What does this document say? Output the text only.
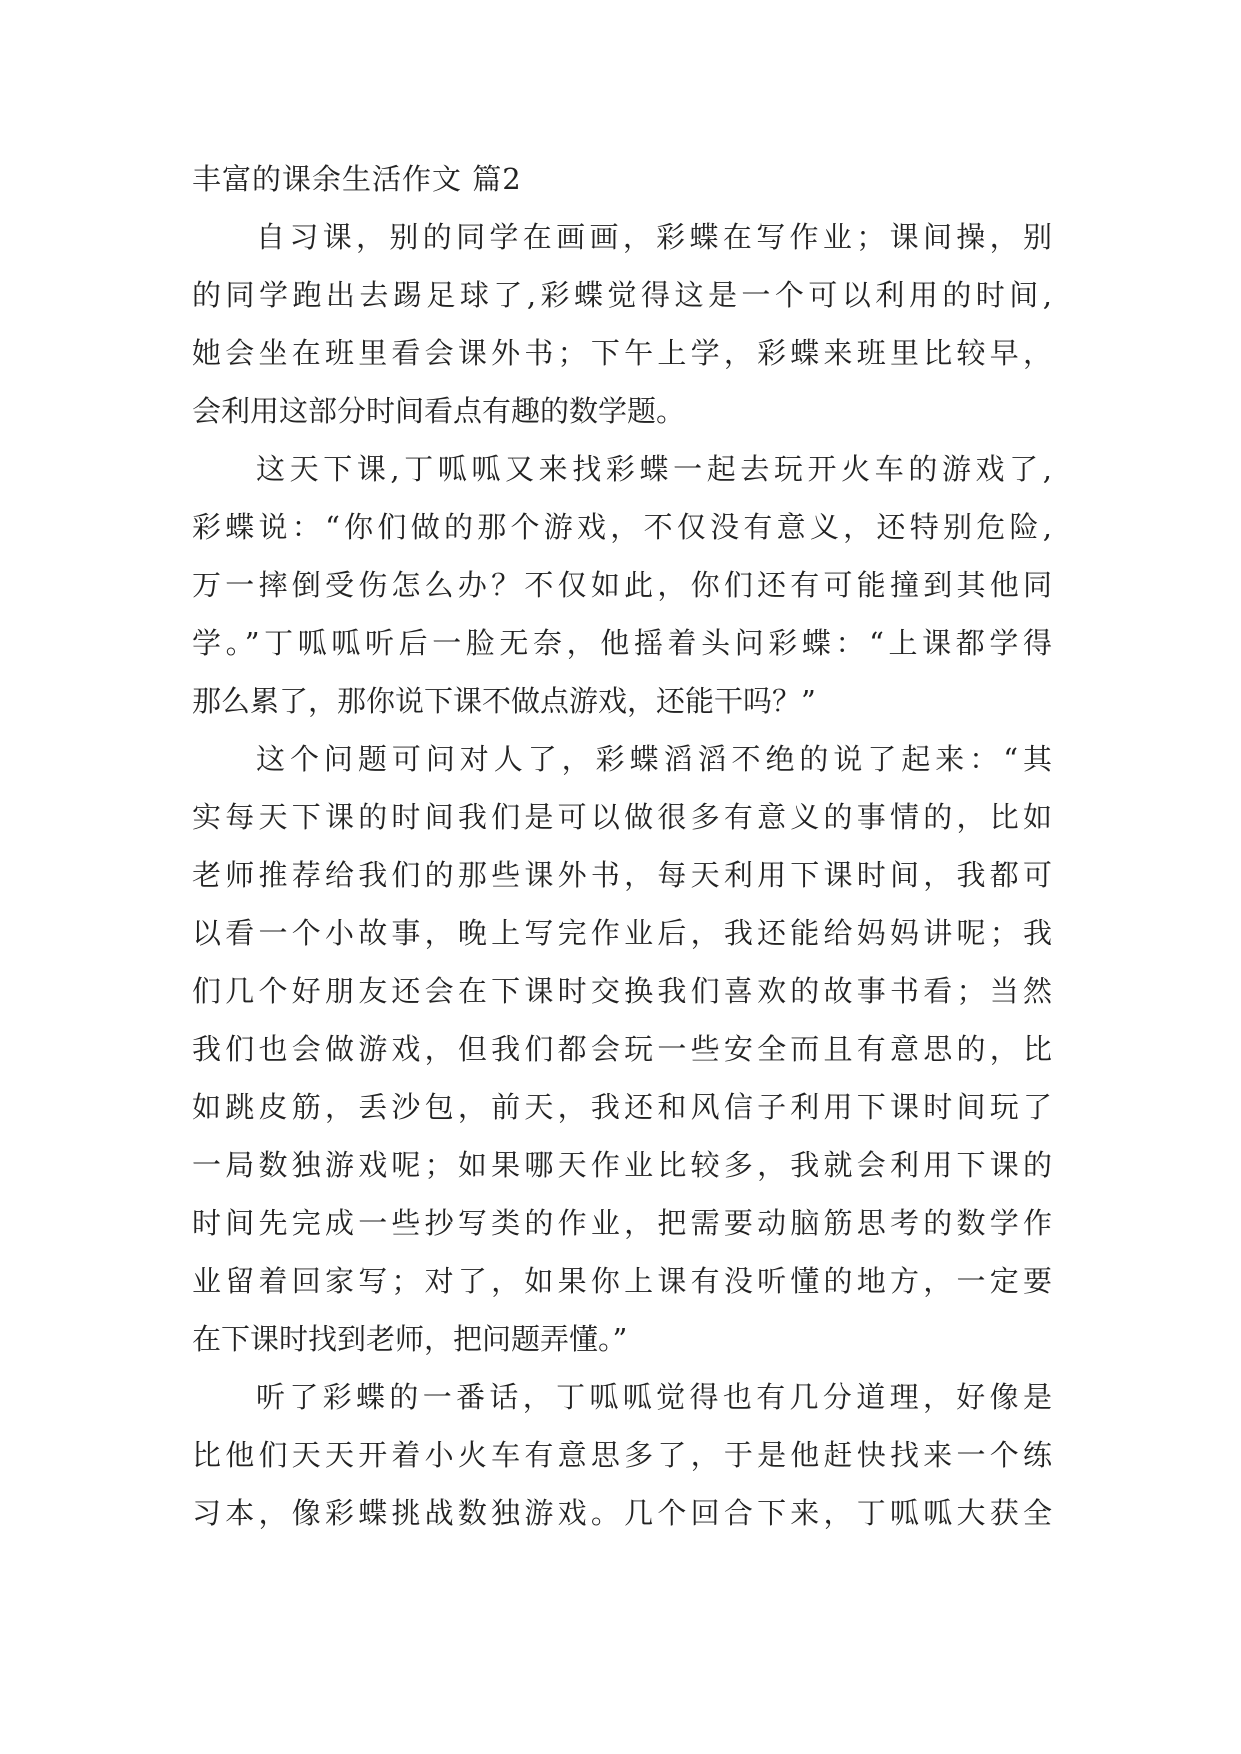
丰富的课余生活作文 篇2
自习课，别的同学在画画，彩蝶在写作业；课间操，别
的同学跑出去踢足球了,彩蝶觉得这是一个可以利用的时间,
她会坐在班里看会课外书；下午上学，彩蝶来班里比较早，
会利用这部分时间看点有趣的数学题。
这天下课,丁呱呱又来找彩蝶一起去玩开火车的游戏了,
彩蝶说：“你们做的那个游戏，不仅没有意义，还特别危险,
万一摔倒受伤怎么办？不仅如此，你们还有可能撞到其他同
学。”丁呱呱听后一脸无奈，他摇着头问彩蝶：“上课都学得
那么累了，那你说下课不做点游戏，还能干吗？”
这个问题可问对人了，彩蝶滔滔不绝的说了起来：“其
实每天下课的时间我们是可以做很多有意义的事情的，比如
老师推荐给我们的那些课外书，每天利用下课时间，我都可
以看一个小故事，晚上写完作业后，我还能给妈妈讲呢；我
们几个好朋友还会在下课时交换我们喜欢的故事书看；当然
我们也会做游戏，但我们都会玩一些安全而且有意思的，比
如跳皮筋，丢沙包，前天，我还和风信子利用下课时间玩了
一局数独游戏呢；如果哪天作业比较多，我就会利用下课的
时间先完成一些抄写类的作业，把需要动脑筋思考的数学作
业留着回家写；对了，如果你上课有没听懂的地方，一定要
在下课时找到老师，把问题弄懂。”
听了彩蝶的一番话，丁呱呱觉得也有几分道理，好像是
比他们天天开着小火车有意思多了，于是他赶快找来一个练
习本，像彩蝶挑战数独游戏。几个回合下来，丁呱呱大获全
